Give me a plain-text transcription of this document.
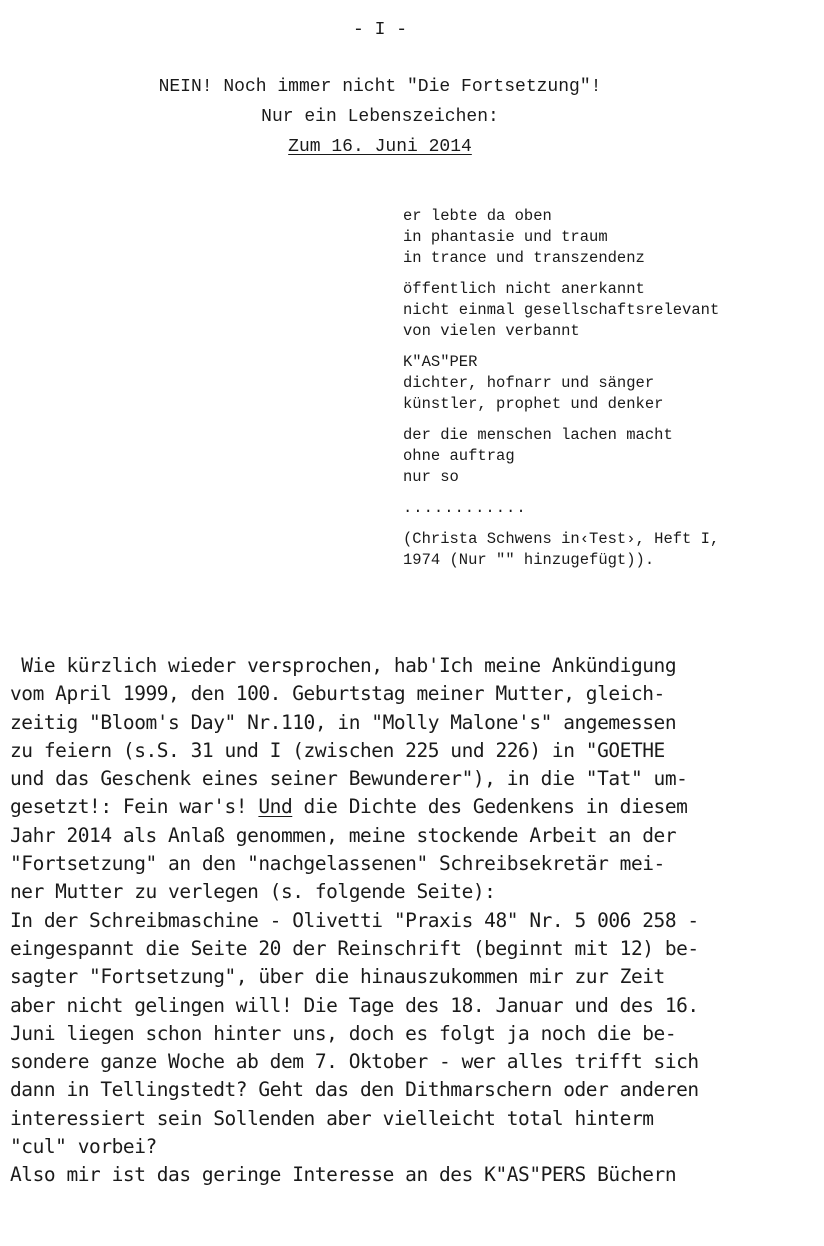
- I -
NEIN! Noch immer nicht "Die Fortsetzung"!
Nur ein Lebenszeichen:
Zum 16. Juni 2014
er lebte da oben
in phantasie und traum
in trance und transzendenz
öffentlich nicht anerkannt
nicht einmal gesellschaftsrelevant
von vielen verbannt
K"AS"PER
dichter, hofnarr und sänger
künstler, prophet und denker
der die menschen lachen macht
ohne auftrag
nur so
............
(Christa Schwens in‹Test›, Heft I,
1974 (Nur "" hinzugefügt)).
Wie kürzlich wieder versprochen, hab'Ich meine Ankündigung
vom April 1999, den 100. Geburtstag meiner Mutter, gleich-
zeitig "Bloom's Day" Nr.110, in "Molly Malone's" angemessen
zu feiern (s.S. 31 und I (zwischen 225 und 226) in "GOETHE
und das Geschenk eines seiner Bewunderer"), in die "Tat" um-
gesetzt!: Fein war's! Und die Dichte des Gedenkens in diesem
Jahr 2014 als Anlaß genommen, meine stockende Arbeit an der
"Fortsetzung" an den "nachgelassenen" Schreibsekretär mei-
ner Mutter zu verlegen (s. folgende Seite):
In der Schreibmaschine - Olivetti "Praxis 48" Nr. 5 006 258 -
eingespannt die Seite 20 der Reinschrift (beginnt mit 12) be-
sagter "Fortsetzung", über die hinauszukommen mir zur Zeit
aber nicht gelingen will! Die Tage des 18. Januar und des 16.
Juni liegen schon hinter uns, doch es folgt ja noch die be-
sondere ganze Woche ab dem 7. Oktober - wer alles trifft sich
dann in Tellingstedt? Geht das den Dithmarschern oder anderen
interessiert sein Sollenden aber vielleicht total hinterm
"cul" vorbei?
Also mir ist das geringe Interesse an des K"AS"PERS Büchern
